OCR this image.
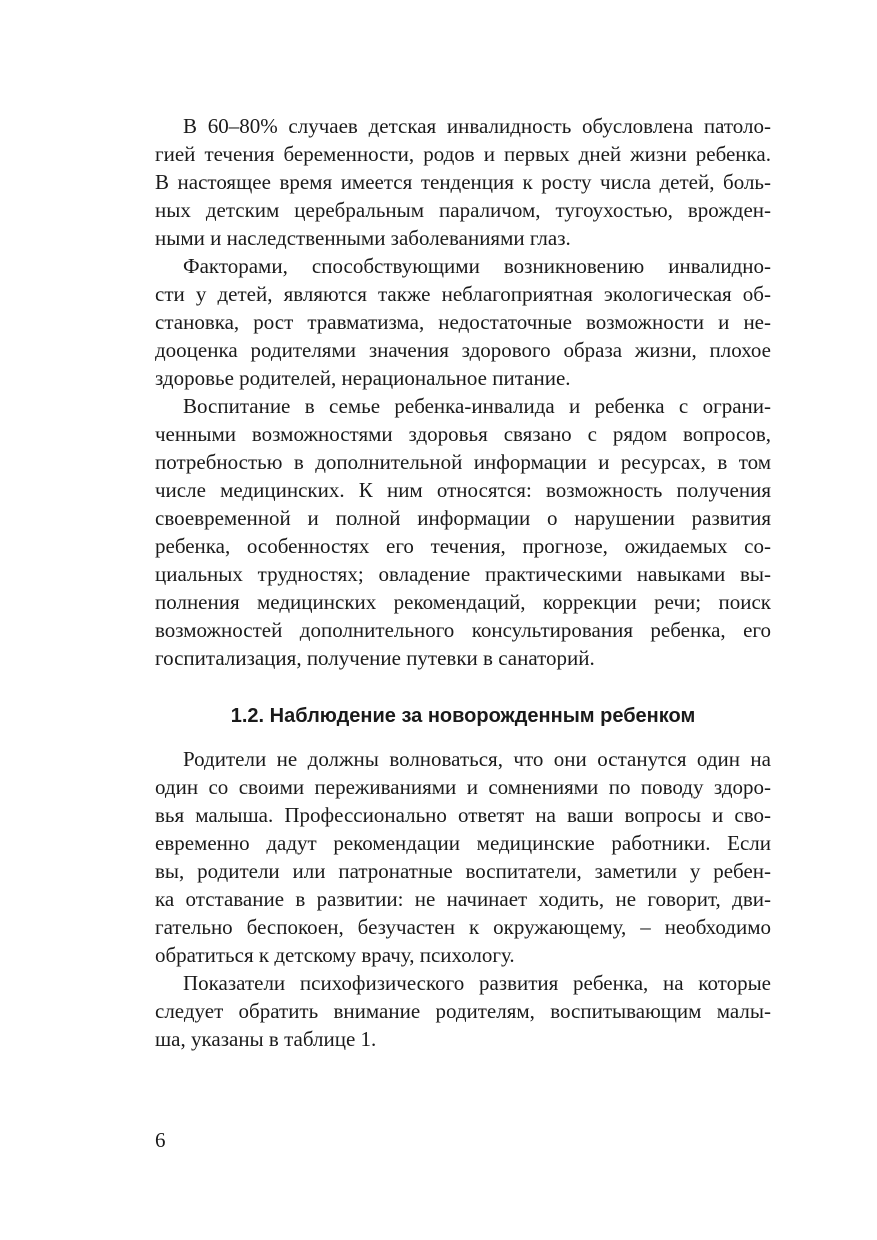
В 60–80% случаев детская инвалидность обусловлена патоло-
гией течения беременности, родов и первых дней жизни ребенка.
В настоящее время имеется тенденция к росту числа детей, боль-
ных детским церебральным параличом, тугоухостью, врожден-
ными и наследственными заболеваниями глаз.
Факторами, способствующими возникновению инвалидно-
сти у детей, являются также неблагоприятная экологическая об-
становка, рост травматизма, недостаточные возможности и не-
дооценка родителями значения здорового образа жизни, плохое
здоровье родителей, нерациональное питание.
Воспитание в семье ребенка-инвалида и ребенка с ограни-
ченными возможностями здоровья связано с рядом вопросов,
потребностью в дополнительной информации и ресурсах, в том
числе медицинских. К ним относятся: возможность получения
своевременной и полной информации о нарушении развития
ребенка, особенностях его течения, прогнозе, ожидаемых со-
циальных трудностях; овладение практическими навыками вы-
полнения медицинских рекомендаций, коррекции речи; поиск
возможностей дополнительного консультирования ребенка, его
госпитализация, получение путевки в санаторий.
1.2. Наблюдение за новорожденным ребенком
Родители не должны волноваться, что они останутся один на
один со своими переживаниями и сомнениями по поводу здоро-
вья малыша. Профессионально ответят на ваши вопросы и сво-
евременно дадут рекомендации медицинские работники. Если
вы, родители или патронатные воспитатели, заметили у ребен-
ка отставание в развитии: не начинает ходить, не говорит, дви-
гательно беспокоен, безучастен к окружающему, – необходимо
обратиться к детскому врачу, психологу.
Показатели психофизического развития ребенка, на которые
следует обратить внимание родителям, воспитывающим малы-
ша, указаны в таблице 1.
6
